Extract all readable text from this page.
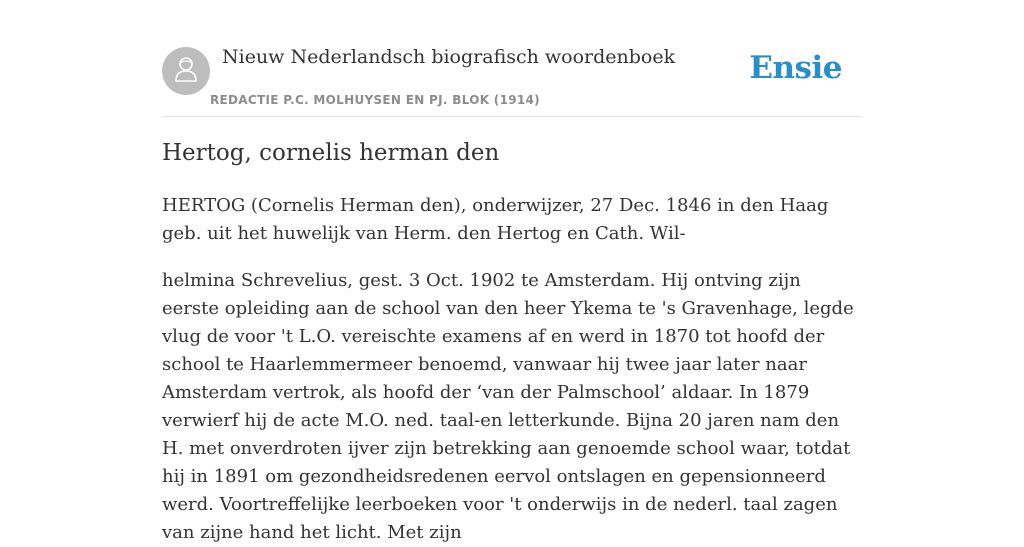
Nieuw Nederlandsch biografisch woordenboek
REDACTIE P.C. MOLHUYSEN EN PJ. BLOK (1914)
Ensie
Hertog, cornelis herman den

HERTOG (Cornelis Herman den), onderwijzer, 27 Dec. 1846 in den Haag geb. uit het huwelijk van Herm. den Hertog en Cath. Wil-

helmina Schrevelius, gest. 3 Oct. 1902 te Amsterdam. Hij ontving zijn eerste opleiding aan de school van den heer Ykema te 's Gravenhage, legde vlug de voor 't L.O. vereischte examens af en werd in 1870 tot hoofd der school te Haarlemmermeer benoemd, vanwaar hij twee jaar later naar Amsterdam vertrok, als hoofd der ‘van der Palmschool’ aldaar. In 1879 verwierf hij de acte M.O. ned. taal-en letterkunde. Bijna 20 jaren nam den H. met onverdroten ijver zijn betrekking aan genoemde school waar, totdat hij in 1891 om gezondheidsredenen eervol ontslagen en gepensionneerd werd. Voortreffelijke leerboeken voor 't onderwijs in de nederl. taal zagen van zijne hand het licht. Met zijn
